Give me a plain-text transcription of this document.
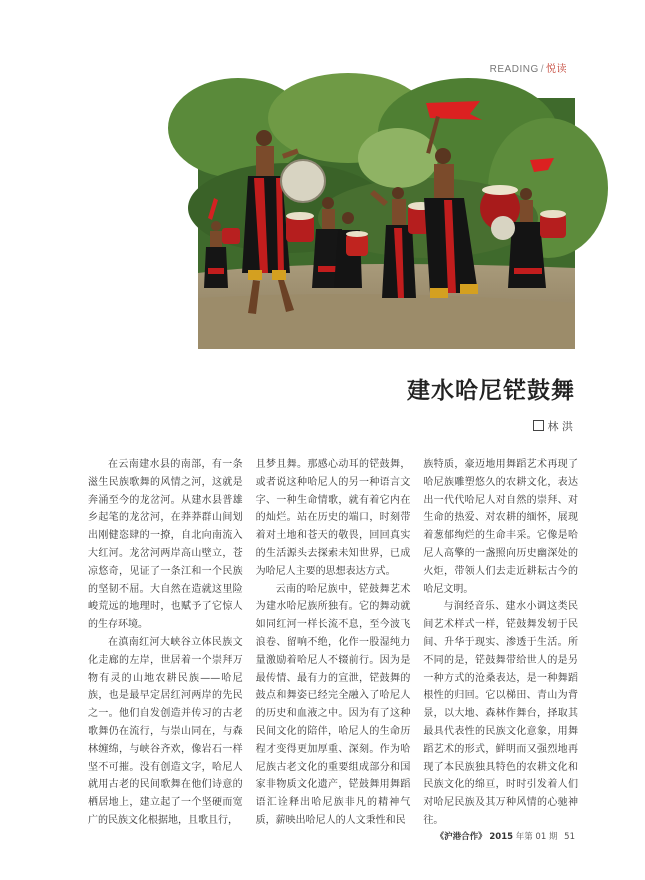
READING / 悦读
建水哈尼铓鼓舞
林 洪

在云南建水县的南部，有一条滋生民族歌舞的风情之河，这就是奔涌至今的龙岔河。从建水县普雄乡起笔的龙岔河，在莽莽群山间划出刚健恣肆的一撩，自北向南流入大红河。龙岔河两岸高山壁立，苍凉悠奇，见证了一条江和一个民族的坚韧不屈。大自然在造就这里险峻荒远的地理时，也赋予了它惊人的生存环境。

在滇南红河大峡谷立体民族文化走廊的左岸，世居着一个崇拜万物有灵的山地农耕民族——哈尼族，也是最早定居红河两岸的先民之一。他们自发创造并传习的古老歌舞仍在流行，与崇山同在，与森林缠绵，与峡谷齐欢，像岩石一样坚不可摧。没有创造文字，哈尼人就用古老的民间歌舞在他们诗意的栖居地上，建立起了一个坚硬而宽广的民族文化根据地，且歌且行，

且梦且舞。那感心动耳的铓鼓舞，或者说这种哈尼人的另一种语言文字、一种生命情歌，就有着它内在的灿烂。站在历史的端口，时刻带着对土地和苍天的敬畏，回回真实的生活源头去探索未知世界，已成为哈尼人主要的思想表达方式。

云南的哈尼族中，铓鼓舞艺术为建水哈尼族所独有。它的舞动就如同红河一样长流不息，至今波飞浪卷、留响不绝，化作一股湿纯力量激励着哈尼人不辍前行。因为是最传情、最有力的宣泄，铓鼓舞的鼓点和舞姿已经完全融入了哈尼人的历史和血液之中。因为有了这种民间文化的陪伴，哈尼人的生命历程才变得更加厚重、深刻。作为哈尼族古老文化的重要组成部分和国家非物质文化遗产，铓鼓舞用舞蹈语汇诠释出哈尼族非凡的精神气质，薪映出哈尼人的人文秉性和民

族特质，豪迈地用舞蹈艺术再现了哈尼族雕塑悠久的农耕文化，表达出一代代哈尼人对自然的崇拜、对生命的热爱、对农耕的缅怀，展现着葱郁绚烂的生命丰采。它像是哈尼人高擎的一盏照向历史幽深处的火炬，带领人们去走近耕耘古今的哈尼文明。

与润经音乐、建水小调这类民间艺术样式一样，铓鼓舞发轫于民间、升华于现实、渗透于生活。所不同的是，铓鼓舞带给世人的是另一种方式的沧桑表达，是一种舞蹈根性的归回。它以梯田、青山为背景，以大地、森林作舞台，择取其最具代表性的民族文化意象，用舞蹈艺术的形式，鲜明而又强烈地再现了本民族独具特色的农耕文化和民族文化的绵亘，时时引发着人们对哈尼民族及其万种风情的心驰神往。

《沪港合作》 2015 年第 01 期 51
